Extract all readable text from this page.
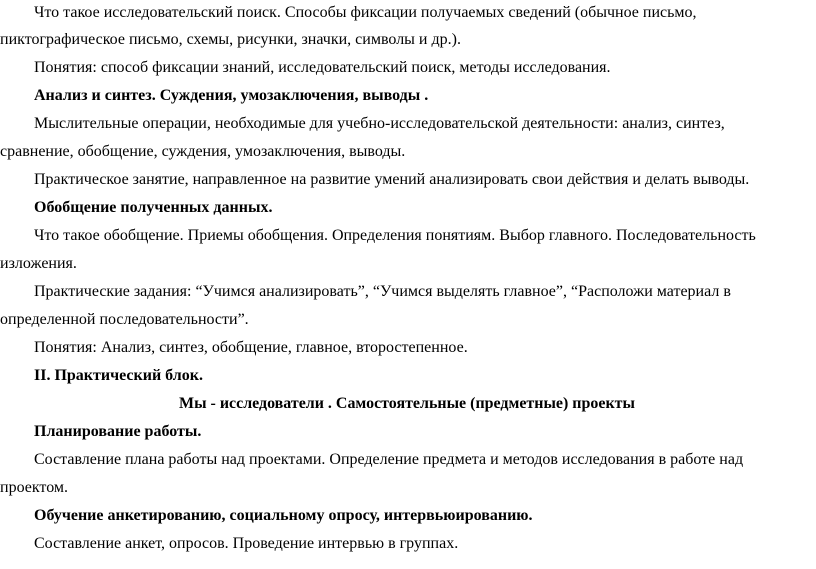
Что такое исследовательский поиск. Способы фиксации получаемых сведений (обычное письмо,
пиктографическое письмо, схемы, рисунки, значки, символы и др.).
Понятия: способ фиксации знаний, исследовательский поиск, методы исследования.
Анализ и синтез. Суждения, умозаключения, выводы .
Мыслительные операции, необходимые для учебно-исследовательской деятельности: анализ, синтез,
сравнение, обобщение, суждения, умозаключения, выводы.
Практическое занятие, направленное на развитие умений анализировать свои действия и делать выводы.
Обобщение полученных данных.
Что такое обобщение. Приемы обобщения. Определения понятиям. Выбор главного. Последовательность
изложения.
Практические задания: “Учимся анализировать”, “Учимся выделять главное”, “Расположи материал в
определенной последовательности”.
Понятия: Анализ, синтез, обобщение, главное, второстепенное.
II. Практический блок.
Мы - исследователи . Самостоятельные (предметные) проекты
Планирование работы.
Составление плана работы над проектами. Определение предмета и методов исследования в работе над
проектом.
Обучение анкетированию, социальному опросу, интервьюированию.
Составление анкет, опросов. Проведение интервью в группах.
